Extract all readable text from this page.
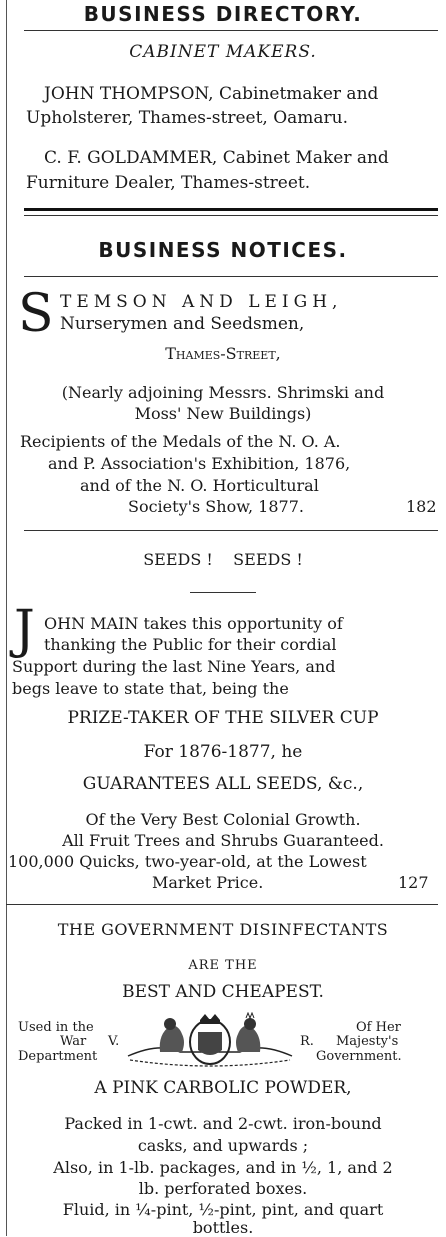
BUSINESS DIRECTORY.
CABINET MAKERS.
JOHN THOMPSON, Cabinetmaker and
Upholsterer, Thames-street, Oamaru.
C. F. GOLDAMMER, Cabinet Maker and
Furniture Dealer, Thames-street.
BUSINESS NOTICES.
S TEMSON AND LEIGH,
Nurserymen and Seedsmen,
Thames-Street,
(Nearly adjoining Messrs. Shrimski and
Moss' New Buildings)
Recipients of the Medals of the N. O. A.
and P. Association's Exhibition, 1876,
and of the N. O. Horticultural
Society's Show, 1877.	182
SEEDS !    SEEDS !
J OHN MAIN takes this opportunity of
thanking the Public for their cordial
Support during the last Nine Years, and
begs leave to state that, being the
PRIZE-TAKER OF THE SILVER CUP
For 1876-1877, he
GUARANTEES ALL SEEDS, &c.,
Of the Very Best Colonial Growth.
All Fruit Trees and Shrubs Guaranteed.
100,000 Quicks, two-year-old, at the Lowest
Market Price.	127
THE GOVERNMENT DISINFECTANTS
ARE THE
BEST AND CHEAPEST.
Used in the
War V.
Department
Of Her
R. Majesty's
Government.
A PINK CARBOLIC POWDER,
Packed in 1-cwt. and 2-cwt. iron-bound
casks, and upwards ;
Also, in 1-lb. packages, and in ½, 1, and 2
lb. perforated boxes.
Fluid, in ¼-pint, ½-pint, pint, and quart
bottles.
